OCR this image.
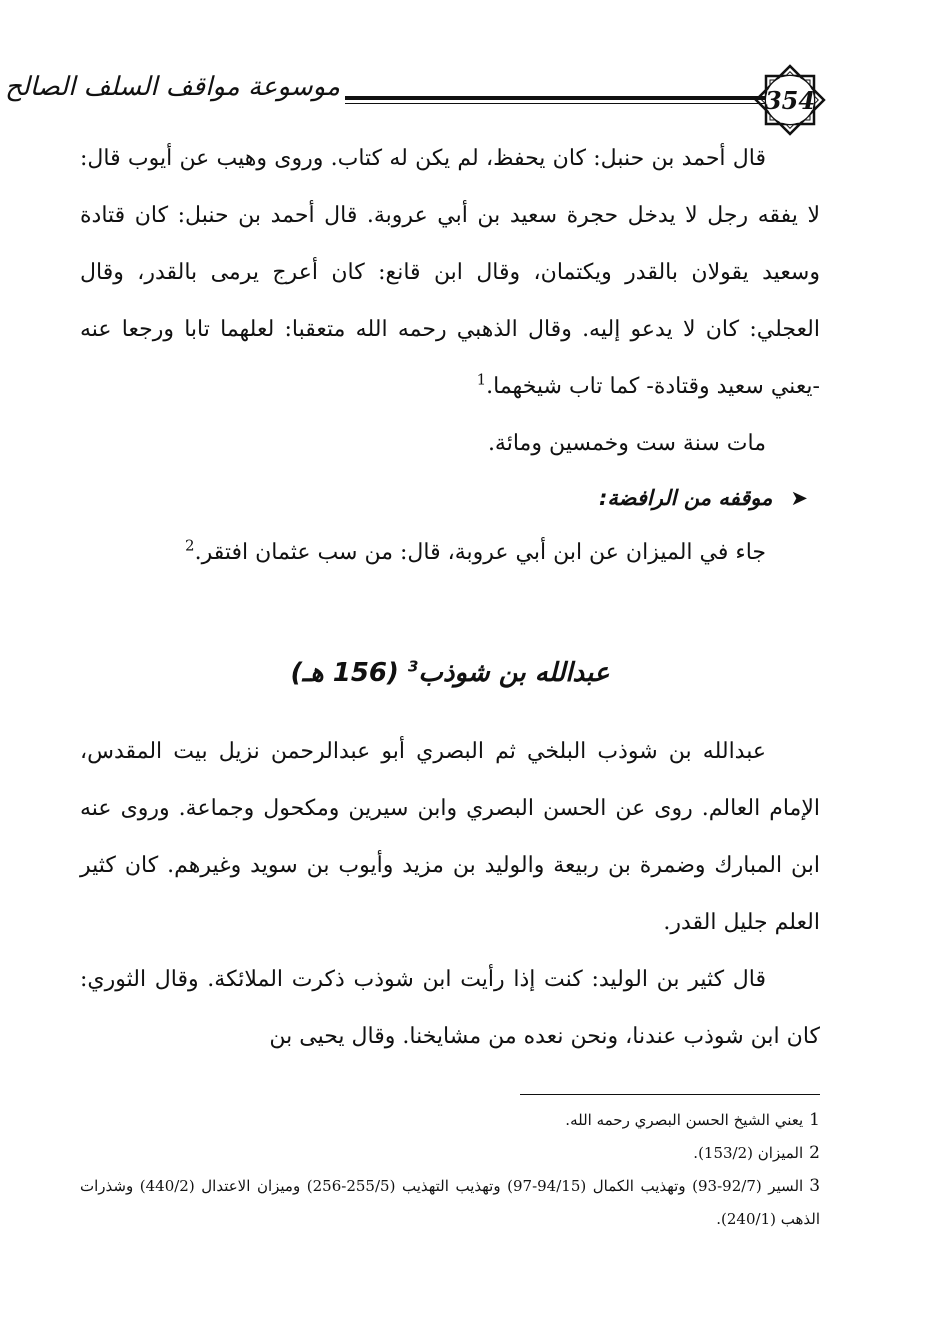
موسوعة مواقف السلف الصالح	354

قال أحمد بن حنبل: كان يحفظ، لم يكن له كتاب. وروى وهيب عن أيوب قال: لا يفقه رجل لا يدخل حجرة سعيد بن أبي عروبة. قال أحمد بن حنبل: كان قتادة وسعيد يقولان بالقدر ويكتمان، وقال ابن قانع: كان أعرج يرمى بالقدر، وقال العجلي: كان لا يدعو إليه. وقال الذهبي رحمه الله متعقبا: لعلهما تابا ورجعا عنه -يعني سعيد وقتادة- كما تاب شيخهما.$^1$

مات سنة ست وخمسين ومائة.

➤موقفه من الرافضة:

جاء في الميزان عن ابن أبي عروبة، قال: من سب عثمان افتقر.$^2$

عبدالله بن شوذب$^3$ (156 هـ)

عبدالله بن شوذب البلخي ثم البصري أبو عبدالرحمن نزيل بيت المقدس، الإمام العالم. روى عن الحسن البصري وابن سيرين ومكحول وجماعة. وروى عنه ابن المبارك وضمرة بن ربيعة والوليد بن مزيد وأيوب بن سويد وغيرهم. كان كثير العلم جليل القدر.

قال كثير بن الوليد: كنت إذا رأيت ابن شوذب ذكرت الملائكة. وقال الثوري: كان ابن شوذب عندنا، ونحن نعده من مشايخنا. وقال يحيى بن

1يعني الشيخ الحسن البصري رحمه الله.

2الميزان (153/2).

3السير (92/7-93) وتهذيب الكمال (94/15-97) وتهذيب التهذيب (255/5-256) وميزان الاعتدال (440/2) وشذرات الذهب (240/1).
